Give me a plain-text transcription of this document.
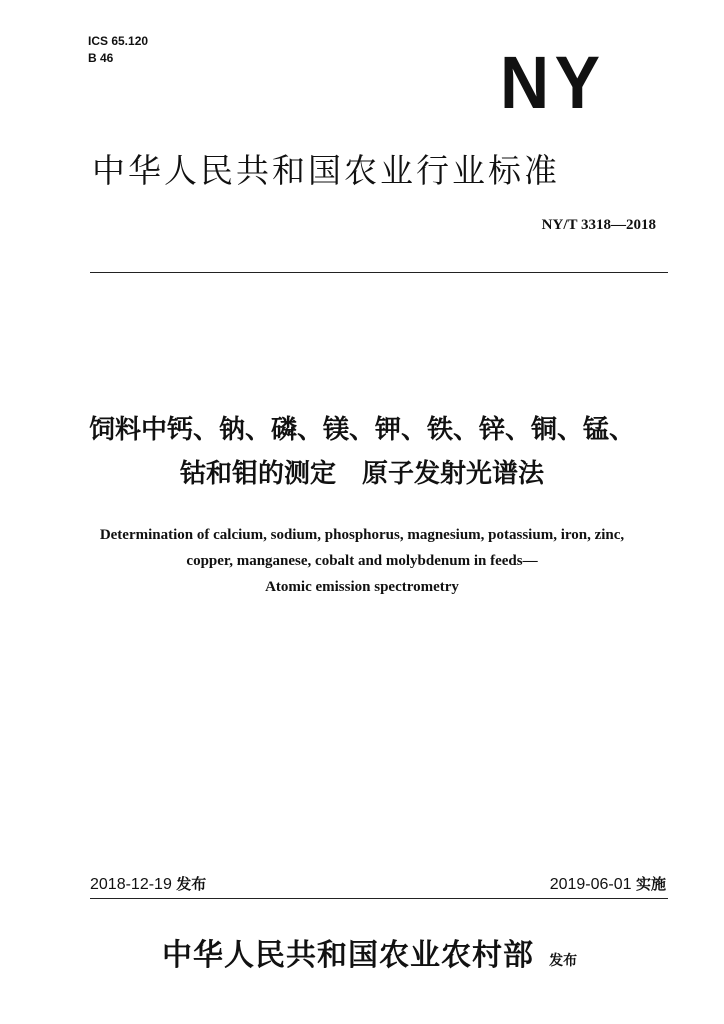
ICS 65.120
B 46	NY
中华人民共和国农业行业标准
NY/T 3318—2018
饲料中钙、钠、磷、镁、钾、铁、锌、铜、锰、
钴和钼的测定　原子发射光谱法
Determination of calcium, sodium, phosphorus, magnesium, potassium, iron, zinc,
copper, manganese, cobalt and molybdenum in feeds—
Atomic emission spectrometry
2018-12-19 发布	2019-06-01 实施
中华人民共和国农业农村部 发布
